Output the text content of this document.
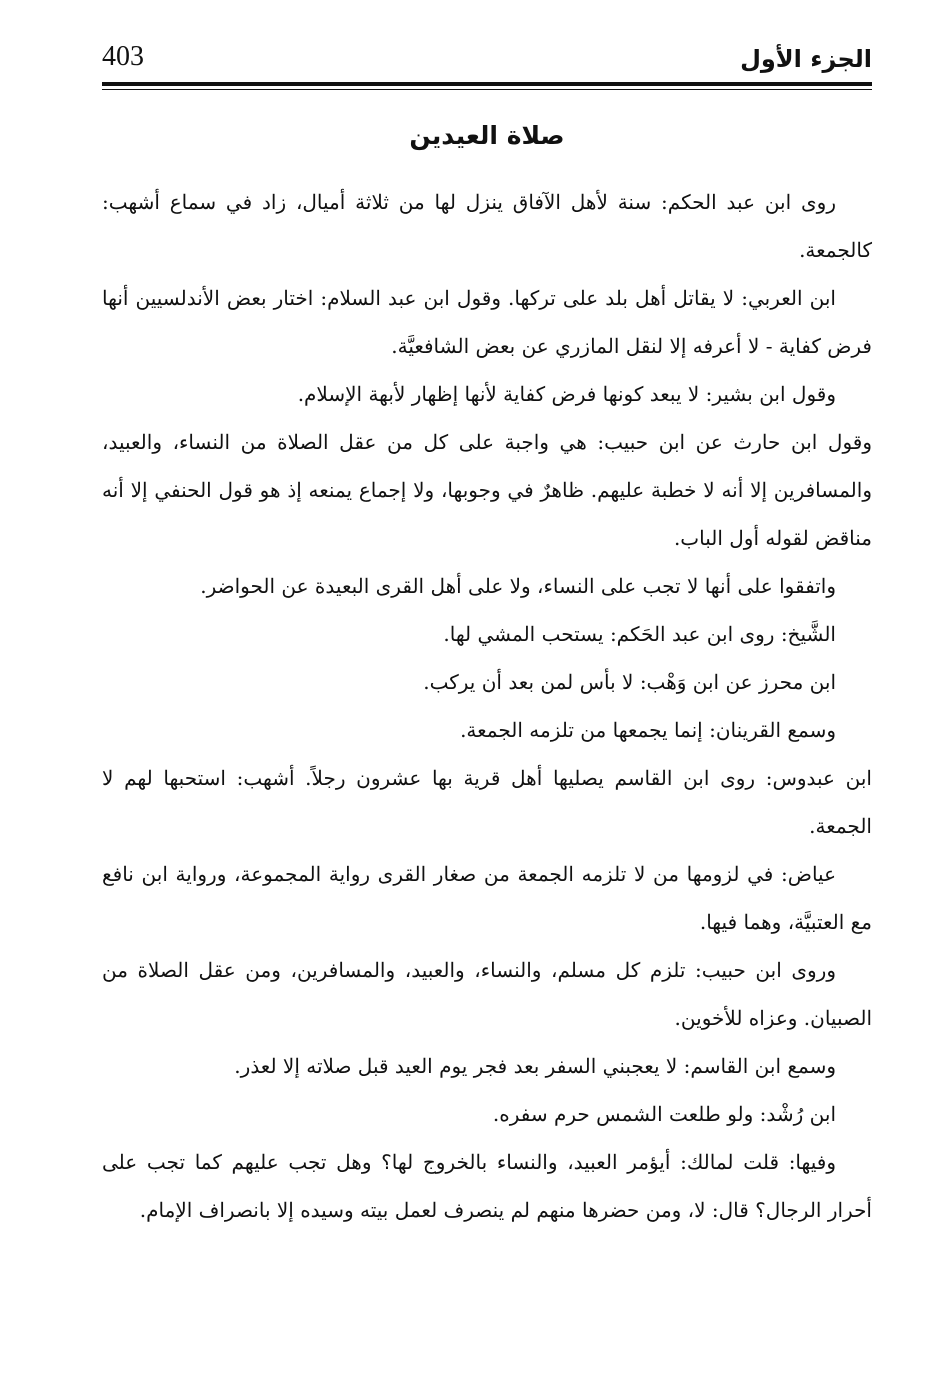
الجزء الأول
403
صلاة العيدين

روى ابن عبد الحكم: سنة لأهل الآفاق ينزل لها من ثلاثة أميال، زاد في سماع أشهب: كالجمعة.

ابن العربي: لا يقاتل أهل بلد على تركها. وقول ابن عبد السلام: اختار بعض الأندلسيين أنها فرض كفاية - لا أعرفه إلا لنقل المازري عن بعض الشافعيَّة.

وقول ابن بشير: لا يبعد كونها فرض كفاية لأنها إظهار لأبهة الإسلام.

وقول ابن حارث عن ابن حبيب: هي واجبة على كل من عقل الصلاة من النساء، والعبيد، والمسافرين إلا أنه لا خطبة عليهم. ظاهرٌ في وجوبها، ولا إجماع يمنعه إذ هو قول الحنفي إلا أنه مناقض لقوله أول الباب.

واتفقوا على أنها لا تجب على النساء، ولا على أهل القرى البعيدة عن الحواضر.

الشَّيخ: روى ابن عبد الحَكم: يستحب المشي لها.

ابن محرز عن ابن وَهْب: لا بأس لمن بعد أن يركب.

وسمع القرينان: إنما يجمعها من تلزمه الجمعة.

ابن عبدوس: روى ابن القاسم يصليها أهل قرية بها عشرون رجلاً. أشهب: استحبها لهم لا الجمعة.

عياض: في لزومها من لا تلزمه الجمعة من صغار القرى رواية المجموعة، ورواية ابن نافع مع العتبيَّة، وهما فيها.

وروى ابن حبيب: تلزم كل مسلم، والنساء، والعبيد، والمسافرين، ومن عقل الصلاة من الصبيان. وعزاه للأخوين.

وسمع ابن القاسم: لا يعجبني السفر بعد فجر يوم العيد قبل صلاته إلا لعذر.

ابن رُشْد: ولو طلعت الشمس حرم سفره.

وفيها: قلت لمالك: أيؤمر العبيد، والنساء بالخروج لها؟ وهل تجب عليهم كما تجب على أحرار الرجال؟ قال: لا، ومن حضرها منهم لم ينصرف لعمل بيته وسيده إلا بانصراف الإمام.
